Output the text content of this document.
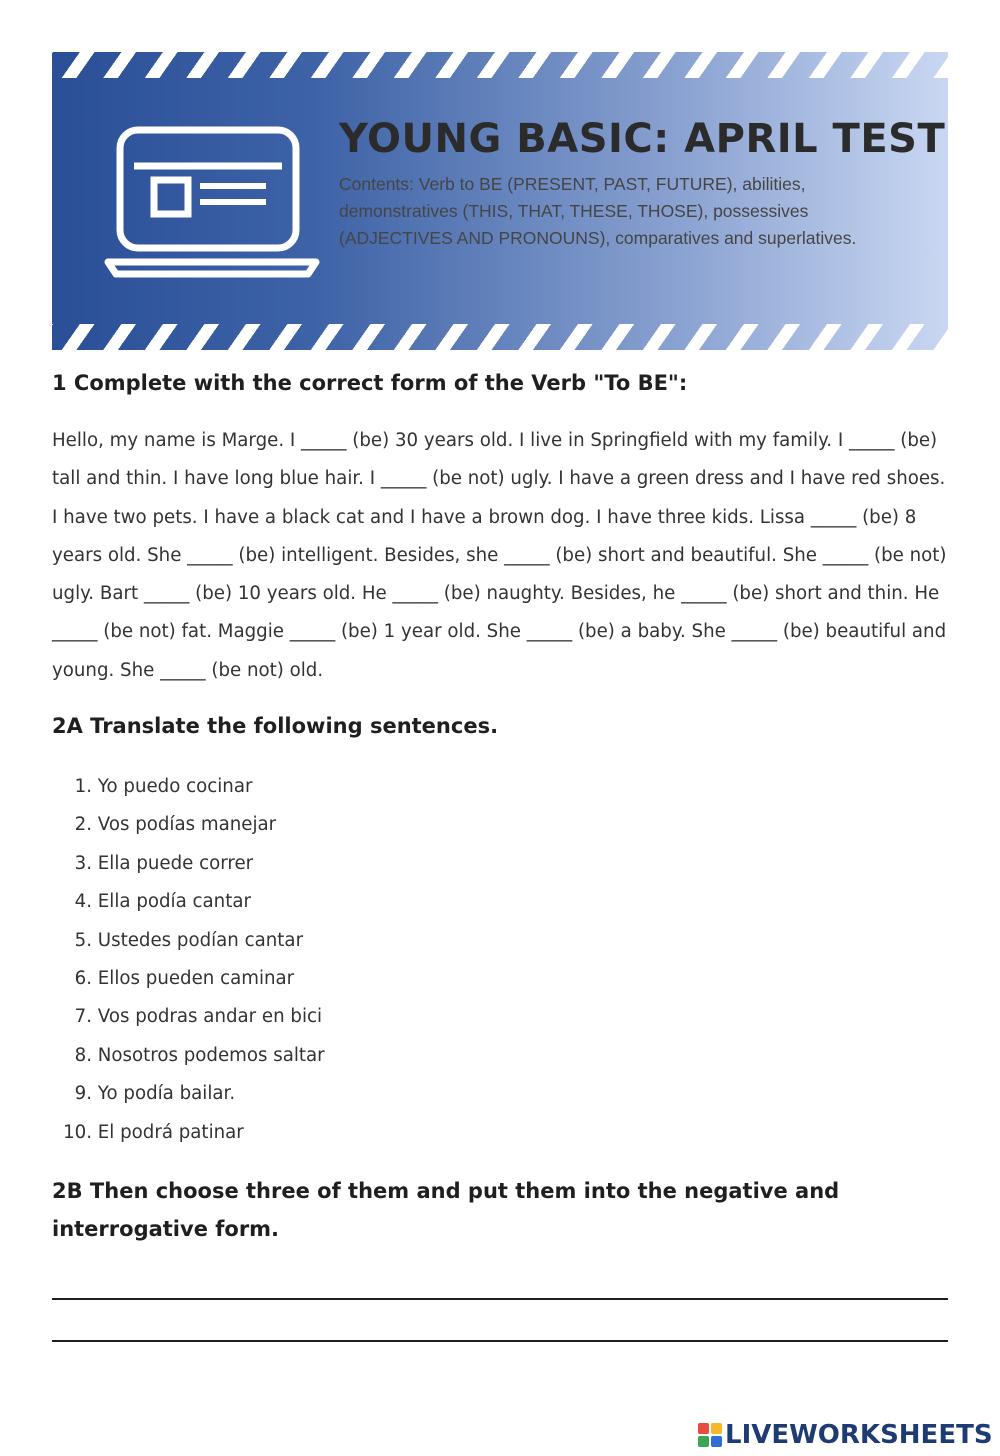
YOUNG BASIC: APRIL TEST

Contents: Verb to BE (PRESENT, PAST, FUTURE), abilities, demonstratives (THIS, THAT, THESE, THOSE), possessives (ADJECTIVES AND PRONOUNS), comparatives and superlatives.

1 Complete with the correct form of the Verb "To BE":

Hello, my name is Marge. I _____ (be) 30 years old. I live in Springfield with my family. I _____ (be) tall and thin. I have long blue hair. I _____ (be not) ugly. I have a green dress and I have red shoes. I have two pets. I have a black cat and I have a brown dog. I have three kids. Lissa _____ (be) 8 years old. She _____ (be) intelligent. Besides, she _____ (be) short and beautiful. She _____ (be not) ugly. Bart _____ (be) 10 years old. He _____ (be) naughty. Besides, he _____ (be) short and thin. He _____ (be not) fat. Maggie _____ (be) 1 year old. She _____ (be) a baby. She _____ (be) beautiful and young. She _____ (be not) old.

2A Translate the following sentences.
1. Yo puedo cocinar
2. Vos podías manejar
3. Ella puede correr
4. Ella podía cantar
5. Ustedes podían cantar
6. Ellos pueden caminar
7. Vos podras andar en bici
8. Nosotros podemos saltar
9. Yo podía bailar.
10. El podrá patinar
2B Then choose three of them and put them into the negative and interrogative form.
LIVEWORKSHEETS
